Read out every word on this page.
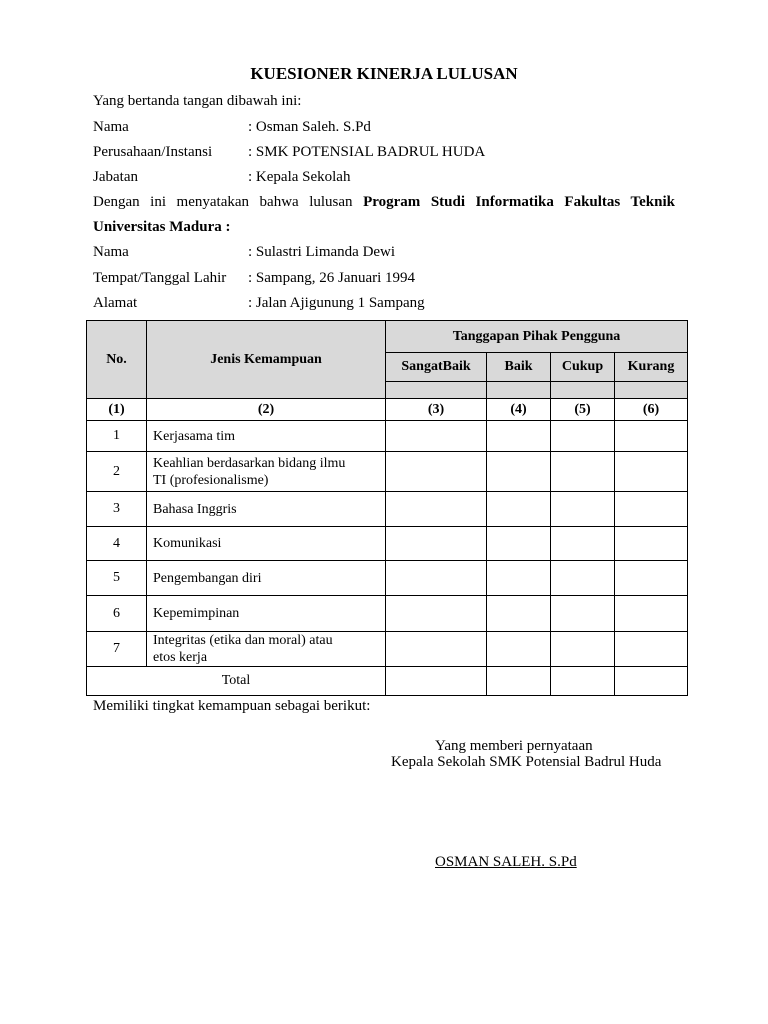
KUESIONER KINERJA LULUSAN
Yang bertanda tangan dibawah ini:
Nama	: Osman Saleh. S.Pd
Perusahaan/Instansi : SMK POTENSIAL BADRUL HUDA
Jabatan	: Kepala Sekolah
Dengan ini menyatakan bahwa lulusan Program Studi Informatika Fakultas Teknik
Universitas Madura :
Nama	: Sulastri Limanda Dewi
Tempat/Tanggal Lahir : Sampang, 26 Januari 1994
Alamat	: Jalan Ajigunung 1 Sampang
No.	Jenis Kemampuan	Tanggapan Pihak Pengguna			
		SangatBaik	Baik	Cukup	Kurang

(1)	(2)	(3)	(4)	(5)	(6)
1	Kerjasama tim				

2	Keahlian berdasarkan bidang ilmu
TI (profesionalisme)				

3	Bahasa Inggris				

4	Komunikasi				

5	Pengembangan diri				

6	Kepemimpinan				

7	Integritas (etika dan moral) atau
etos kerja				

Total					
Memiliki tingkat kemampuan sebagai berikut:
Yang memberi pernyataan
Kepala Sekolah SMK Potensial Badrul Huda
OSMAN SALEH. S.Pd
